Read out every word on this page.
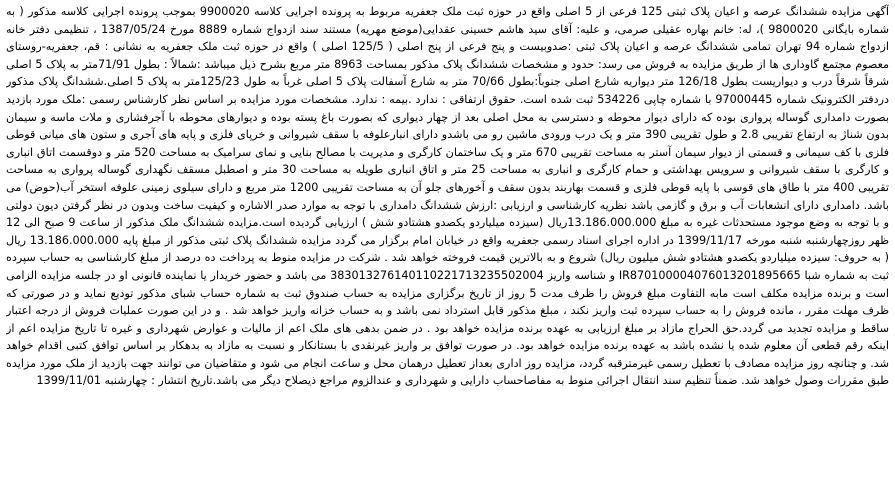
آگهی مزایده ششدانگ عرصه و اعیان پلاک ثبتی 125 فرعی از 5 اصلی واقع در حوزه ثبت ملک جعفریه مربوط به پرونده اجرایی کلاسه 9900020 بموجب پرونده اجرایی کلاسه مذکور ( به شماره بایگانی 9800020 )، له: خانم بهاره عقیلی صرمی، و علیه: آقای سید هاشم حسینی عقدایی(موضع مهریه) مستند سند ازدواج شماره 8889 مورخ 1387/05/24 ، تنظیمی دفتر خانه ازدواج شماره 94 تهران تمامی ششدانگ عرصه و اعیان پلاک ثبتی :صدوبیست و پنج فرعی از پنج اصلی ( 125/5 اصلی ) واقع در حوزه ثبت ملک جعفریه به نشانی : قم، جعفریه-روستای معصوم مجتمع گاوداری ها از طریق مزایده به فروش می رسد: حدود و مشخصات ششدانگ پلاک مذکور بمساحت 8963 متر مربع بشرح ذیل میباشد :شمالاً : بطول 71/91متر به پلاک 5 اصلی شرقاً شرقاً درب و دیواریست بطول 126/18 متر دیواریه شارع اصلی جنوباً:بطول 70/66 متر به شارع آسفالت پلاک 5 اصلی غرباً به طول 125/23متر به پلاک 5 اصلی.ششدانگ پلاک مذکور دردفتر الکترونیک شماره 97000445 با شماره چاپی 534226 ثبت شده است. حقوق ارتفاقی : ندارد .بیمه : ندارد. مشخصات مورد مزایده بر اساس نظر کارشناس رسمی :ملک مورد بازدید بصورت دامداری گوساله پرواری بوده که دارای دیوار محوطه و دسترسی به محل اصلی بعد از چهار دیواری که بصورت باغ پسته بوده و دیوارهای محوطه با آجرفشاری و ملات ماسه و سیمان بدون شناژ به ارتفاع تقریبی 2.8 و طول تقریبی 390 متر و یک درب ورودی ماشین رو می باشدو دارای انبارعلوفه با سقف شیروانی و خرپای فلزی و پایه های آجری و ستون های میانی قوطی فلزی با کف سیمانی و قسمتی از دیوار سیمان آستر به مساحت تقریبی 670 متر و یک ساختمان کارگری و مدیریت با مصالح بنایی و نمای سرامیک به مساحت 520 متر و دوقسمت اتاق انباری و کارگری با سقف شیروانی و سرویس بهداشتی و حمام کارگری و انباری به مساحت 25 متر و اتاق انباری طویله به مساحت 30 متر و اصطبل مسقف نگهداری گوساله پرواری به مساحت تقریبی 400 متر با طاق های قوسی با پایه قوطی فلزی و قسمت بهاربند بدون سقف و آخورهای جلو آن به مساحت تقریبی 1200 متر مربع و دارای سیلوی زمینی علوفه استخر آب(حوض) می باشد. دامداری دارای انشعابات آب و برق و گازمی باشد نظریه کارشناسی و ارزیابی :ارزش ششدانگ دامداری با توجه به موارد صدر الاشاره و کیفیت ساخت وبدون در نظر گرفتن دیون دولتی و با توجه به وضع موجود مستحدثات غیره به مبلغ 13.186.000.000ریال (سیزده میلیاردو یکصدو هشتادو شش ) ارزیابی گردیده است.مزایده ششدانگ ملک مذکور از ساعت 9 صبح الی 12 ظهر روزچهارشنبه شنبه مورخه 1399/11/17 در اداره اجرای اسناد رسمی جعفریه واقع در خیابان امام برگزار می گردد مزایده ششدانگ پلاک ثبتی مذکور از مبلغ پایه 13.186.000.000 ریال ( به حروف: سیزده میلیاردو یکصدو هشتادو شش میلیون ریال) شروع و به بالاترین قیمت فروخته خواهد شد . شرکت در مزایده منوط به پرداخت ده درصد از مبلغ کارشناسی به حساب سپرده ثبت به شماره شبا IR870100004076013201895665 و شناسه واریز 383013276140110221713235502004 می باشد و حضور خریدار یا نماینده قانونی او در جلسه مزایده الزامی است و برنده مزایده مکلف است مابه التفاوت مبلغ فروش را ظرف مدت 5 روز از تاریخ برگزاری مزایده به حساب صندوق ثبت به شماره حساب شبای مذکور تودیع نماید و در صورتی که ظرف مهلت مقرر ، مانده فروش را به حساب سپرده ثبت واریز نکند ، مبلغ مذکور قابل استرداد نمی باشد و به حساب خزانه واریز خواهد شد . و در این صورت عملیات فروش از درجه اعتبار ساقط و مزایده تجدید می گردد.حق الحراج مازاد بر مبلغ ارزیابی به عهده برنده مزایده خواهد بود . در ضمن بدهی های ملک اعم از مالیات و عوارض شهرداری و غیره تا تاریخ مزایده اعم از اینکه رقم قطعی آن معلوم شده یا نشده باشد به عهده برنده مزایده خواهد بود. در صورت توافق بر واریز غیرنقدی با بستانکار و نسبت به مازاد به بدهکار بر اساس توافق کتبی اقدام خواهد شد. و چنانچه روز مزایده مصادف با تعطیل رسمی غیرمترقبه گردد، مزایده روز اداری بعداز تعطیل درهمان محل و ساعت انجام می شود و متقاضیان می توانند جهت بازدید از ملک مورد مزایده طبق مقررات وصول خواهد شد. ضمناً تنظیم سند انتقال اجرائی منوط به مفاصاحساب دارایی و شهرداری و عندالزوم مراجع ذیصلاح دیگر می باشد.تاریخ انتشار : چهارشنبه 1399/11/01
